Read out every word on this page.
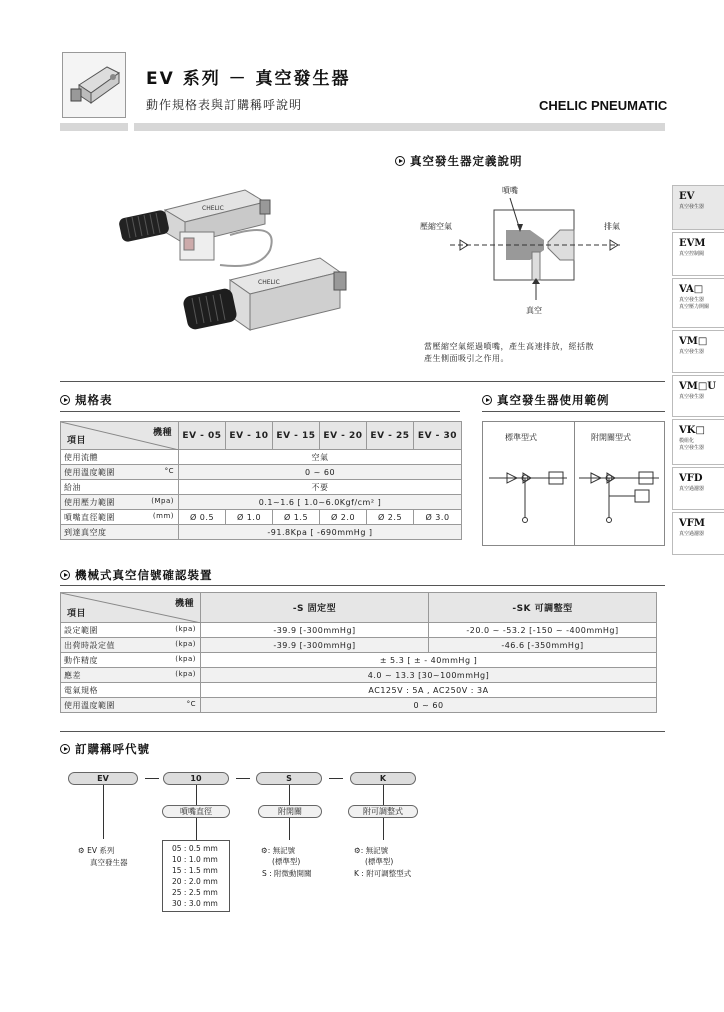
EV 系列 － 真空發生器
動作規格表與訂購稱呼說明	CHELIC PNEUMATIC
EV
真空發生器
EVM
真空控制閥
VA□
真空發生器
真空壓力開關
VM□
真空發生器
VM□U
真空發生器
VK□
模組化
真空發生器
VFD
真空過濾器
VFM
真空過濾器
CHELIC
CHELIC
真空發生器定義說明
噴嘴
壓縮空氣	排氣
真空
當壓縮空氣經過噴嘴，產生高速排放，經括散
產生側面吸引之作用。
規格表
機種
項目	EV - 05	EV - 10	EV - 15	EV - 20	EV - 25	EV - 30
使用流體	空氣					
使用溫度範圍 °C	0 ~ 60					
給油	不要					
使用壓力範圍 (Mpa)	0.1~1.6 [ 1.0~6.0Kgf/cm² ]					
噴嘴直徑範圍 (mm)	Ø 0.5	Ø 1.0	Ø 1.5	Ø 2.0	Ø 2.5	Ø 3.0
到達真空度	-91.8Kpa [ -690mmHg ]					
真空發生器使用範例
標準型式	附開關型式
機械式真空信號確認裝置
機種
項目	-S 固定型	-SK 可調整型
設定範圍 (kpa)	-39.9 [-300mmHg]	-20.0 ~ -53.2 [-150 ~ -400mmHg]
出荷時設定值 (kpa)	-39.9 [-300mmHg]	-46.6 [-350mmHg]
動作精度 (kpa)	± 5.3 [ ± - 40mmHg ]	
應差 (kpa)	4.0 ~ 13.3 [30~100mmHg]	
電氣規格	AC125V : 5A , AC250V : 3A	
使用溫度範圍 °C	0 ~ 60	
訂購稱呼代號
EV	10	S	K
噴嘴直徑	附開關	附可調整式
⚙ EV 系列
真空發生器
05 : 0.5 mm
10 : 1.0 mm
15 : 1.5 mm
20 : 2.0 mm
25 : 2.5 mm
30 : 3.0 mm
⚙: 無記號
(標準型)
S : 附微動開關
⚙: 無記號
(標準型)
K : 附可調整型式
